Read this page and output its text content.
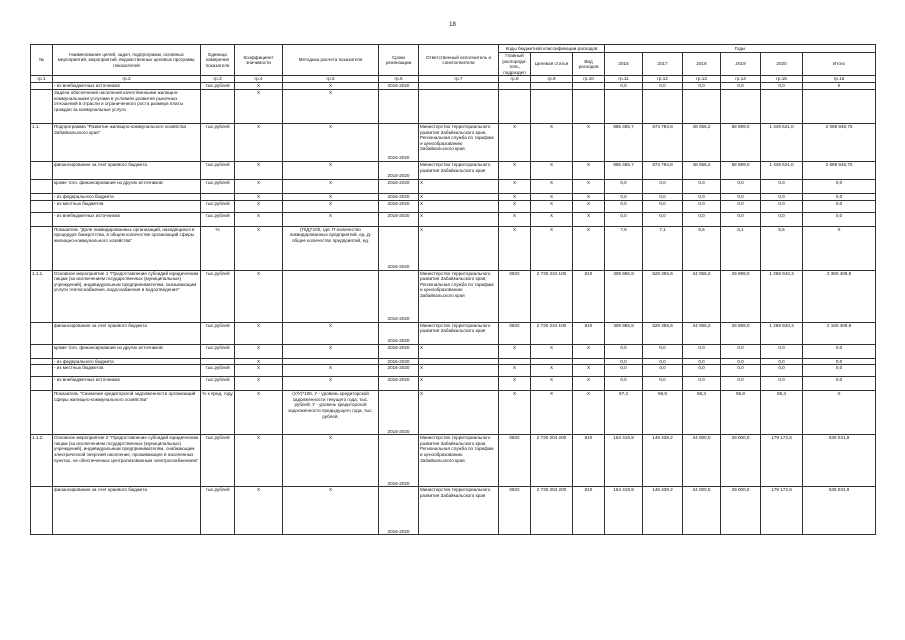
18
№	Наименование целей, задач, подпрограмм, основных мероприятий, мероприятий, ведомственных целевых программ, показателей	Единица измерения показателя	Коэффициент значимости	Методика расчета показателя	Сроки реализации	Ответственный исполнитель и соисполнители	Коды бюджетной классификации расходов			Годы					
							Главный распоряди-тель, подраздел	Целевая статья	Вид расходов	2016	2017	2018	2019	2020	Итого
гр.1	гр.2	гр.3	гр.4	гр.5	гр.6	гр.7	гр.8	гр.9	гр.10	гр.11	гр.12	гр.13	гр.14	гр.15	гр.16
	- из внебюджетных источников	тыс.рублей	Х	Х	2016-2020					0,0	0,0	0,0	0,0	0,0	0
	Задача обеспечения населения качественными жилищно-коммунальными услугами в условиях развития рыночных отношений в отрасли и ограниченного роста размера платы граждан за коммунальные услуги		Х	Х											
1.1.	Подпрограмма "Развитие жилищно-коммунального хозяйства Забайкальского края"	тыс.рублей	Х	Х	2016-2020	Министерство территориального развития Забайкальского края, Региональная служба по тарифам и ценообразованию Забайкальского края	Х	Х	Х	965 485,7	674 794,8	48 056,2	58 989,0	1 449 621,0	2 096 946,70
	финансирование за счет краевого бюджета	тыс.рублей	Х	Х	2016-2020	Министерство территориального развития Забайкальского края	Х	Х	Х	965 485,7	674 794,8	48 056,2	58 989,0	1 449 621,0	2 696 946,70
	кроме того, финансирование из других источников:	тыс.рублей	Х	Х	2016-2020	Х	Х	Х	Х	0,0	0,0	0,0	0,0	0,0	0,0
	- из федерального бюджета		Х	Х	2016-2020	Х	Х	Х	Х	0,0	0,0	0,0	0,0	0,0	0,0
	- из местных бюджетов	тыс.рублей	Х	Х	2016-2020	Х	Х	Х	Х	0,0	0,0	0,0	0,0	0,0	0,0
	- из внебюджетных источников	тыс.рублей	Х	Х	2016-2020	Х	Х	Х	Х	0,0	0,0	0,0	0,0	0,0	0,0
	Показатель "Доля ликвидированных организаций, находящихся в процедуре банкротства, в общем количестве организаций сферы жилищно-коммунального хозяйства"	%	Х	(П/Д)*100, где: П-количество ликвидированных предприятий, ед. Д-общее количество предприятий, ед.	2016-2020	Х	Х	Х	Х	7,6	7,1	6,6	6,1	5,6	Х
1.1.1.	Основное мероприятие 1 "Предоставление субсидий юридическим лицам (за исключением государственных (муниципальных) учреждений), индивидуальным предпринимателям, оказывающим услуги теплоснабжения, водоснабжения и водоотведения"	тыс.рублей	Х		2016-2020	Министерство территориального развития Забайкальского края, Региональная служба по тарифам и ценообразованию Забайкальского края	0502	2 730 234 100	810	309 965,8	528 355,6	24 056,2	29 989,0	1 268 943,3	2 360 409,9
	финансирование за счет краевого бюджета	тыс.рублей	Х	Х	2016-2020	Министерство территориального развития Забайкальского края	0502	2 730 234 100	810	309 965,8	528 355,6	24 056,2	29 989,0	1 268 943,3	2 160 409,9
	кроме того, финансирование из других источников:	тыс.рублей	Х	Х	2016-2020	Х	Х	Х	Х	0,0	0,0	0,0	0,0	0,0	0,0
	- из федерального бюджета		Х		2016-2020					0,0	0,0	0,0	0,0	0,0	0,0
	- из местных бюджетов	тыс.рублей	Х	Х	2016-2020	Х	Х	Х	Х	0,0	0,0	0,0	0,0	0,0	0,0
	- из внебюджетных источников	тыс.рублей	Х	Х	2016-2020	Х	Х	Х	Х	0,0	0,0	0,0	0,0	0,0	0,0
	Показатель "Снижение кредиторской задолженности организаций сферы жилищно-коммунального хозяйства"	% к пред. году	Х	(У/У)*100, У - уровень кредиторской задолженности текущего года, тыс. рублей; У - уровень кредиторской задолженности предыдущего года, тыс. рублей.	2016-2020	Х	Х	Х	Х	97,3	96,8	96,3	95,8	95,3	Х
1.1.2.	Основное мероприятие 2 "Предоставление субсидий юридическим лицам (за исключением государственных (муниципальных) учреждений), индивидуальным предпринимателям, снабжающим электрической энергией население, проживающее в населенных пунктах, не обеспеченных централизованным электроснабжением"	тыс.рублей	Х	Х	2016-2020	Министерство территориального развития Забайкальского края, Региональная служба по тарифам и ценообразованию Забайкальского края	0502	2 730 204 200	810	154 419,9	146 439,2	24 000,0	29 000,0	179 172,8	535 031,9
	финансирование за счет краевого бюджета	тыс.рублей	Х	Х	2016-2020	Министерство территориального развития Забайкальского края	0502	2 730 204 200	810	154 419,9	146 439,2	24 000,0	29 000,0	179 172,8	535 031,9
